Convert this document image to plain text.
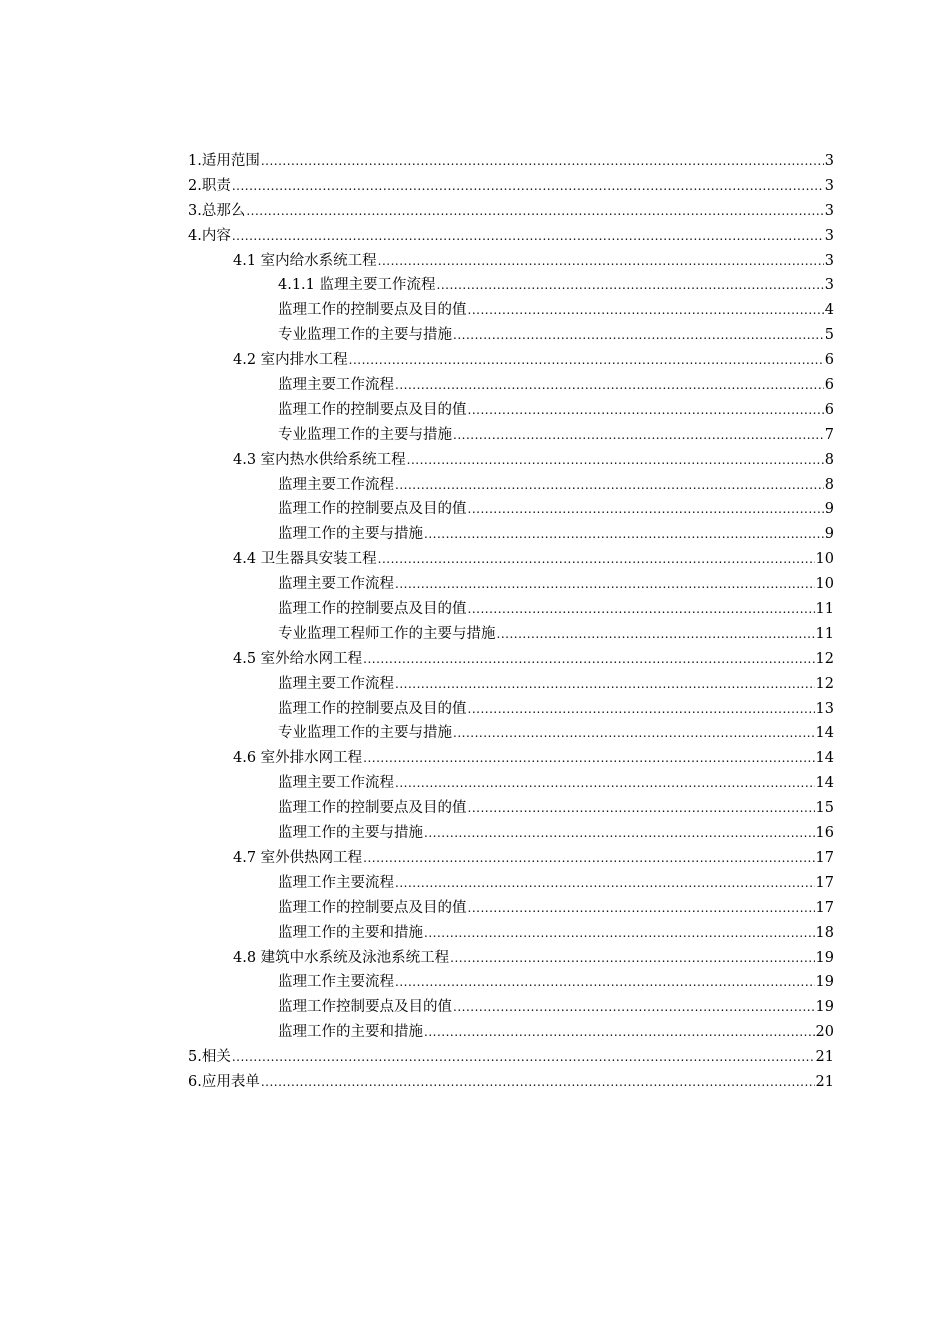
1.适用范围 .....	3
2.职责 .....	3
3.总那么 .....	3
4.内容 .....	3
4.1 室内给水系统工程 .....	3
4.1.1 监理主要工作流程 .....	3
监理工作的控制要点及目的值 .....	4
专业监理工作的主要与措施 .....	5
4.2 室内排水工程 .....	6
监理主要工作流程 .....	6
监理工作的控制要点及目的值 .....	6
专业监理工作的主要与措施 .....	7
4.3 室内热水供给系统工程 .....	8
监理主要工作流程 .....	8
监理工作的控制要点及目的值 .....	9
监理工作的主要与措施 .....	9
4.4 卫生器具安装工程 .....	10
监理主要工作流程 .....	10
监理工作的控制要点及目的值 .....	11
专业监理工程师工作的主要与措施 .....	11
4.5 室外给水网工程 .....	12
监理主要工作流程 .....	12
监理工作的控制要点及目的值 .....	13
专业监理工作的主要与措施 .....	14
4.6 室外排水网工程 .....	14
监理主要工作流程 .....	14
监理工作的控制要点及目的值 .....	15
监理工作的主要与措施 .....	16
4.7 室外供热网工程 .....	17
监理工作主要流程 .....	17
监理工作的控制要点及目的值 .....	17
监理工作的主要和措施 .....	18
4.8 建筑中水系统及泳池系统工程 .....	19
监理工作主要流程 .....	19
监理工作控制要点及目的值 .....	19
监理工作的主要和措施 .....	20
5.相关 .....	21
6.应用表单 .....	21
